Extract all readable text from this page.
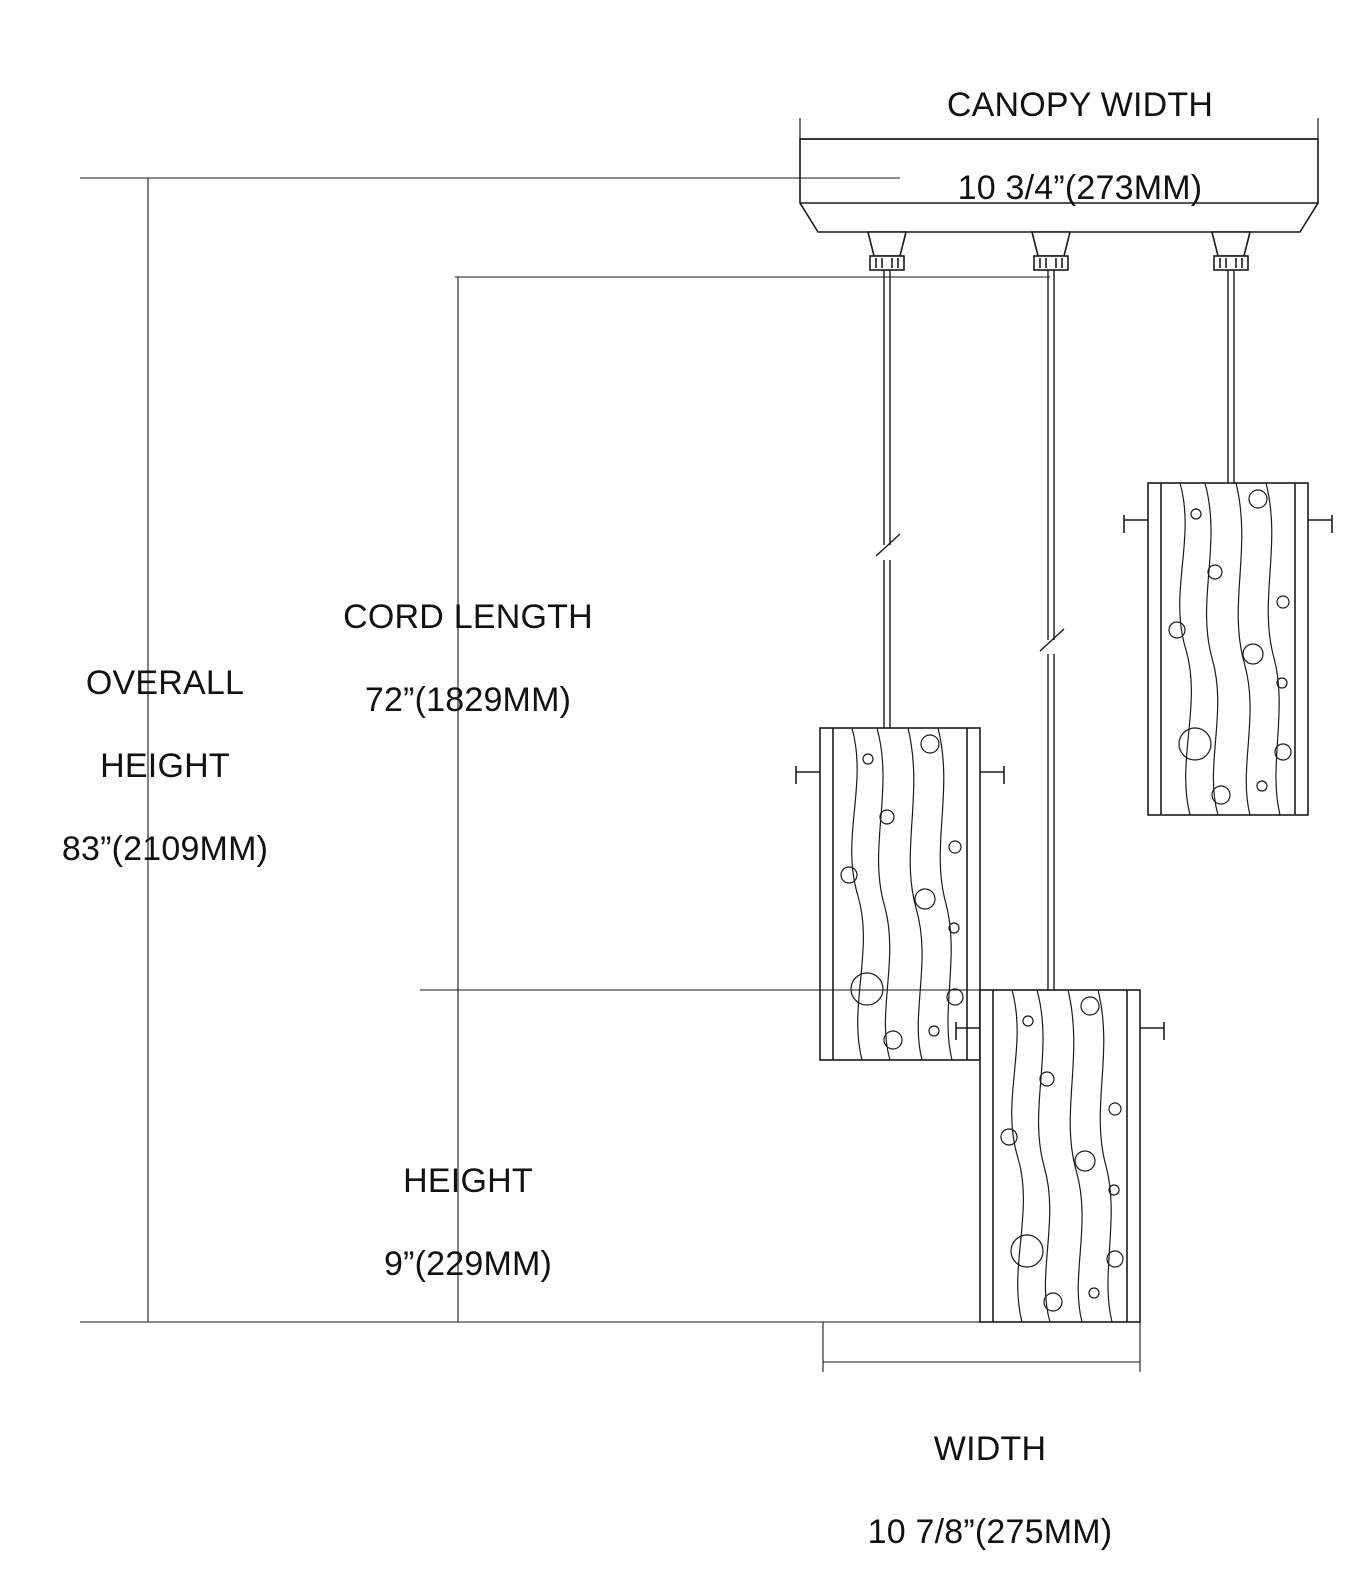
CANOPY WIDTH

10 3/4”(273MM)

CORD LENGTH

72”(1829MM)

OVERALL

HEIGHT

83”(2109MM)

HEIGHT

9”(229MM)

WIDTH

10 7/8”(275MM)
